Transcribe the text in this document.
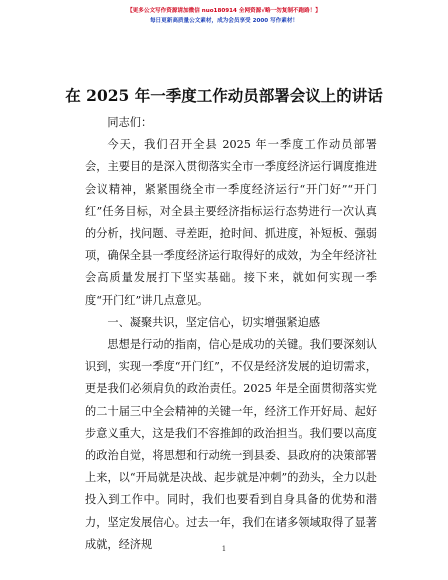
【更多公文写作资源请加微信 nuo180914 全网资源√略一勿复制不跑路！】
每日更新高质量公文素材，成为会员享受 2000 写作素材！
在 2025 年一季度工作动员部署会议上的讲话

同志们：

今天，我们召开全县 2025 年一季度工作动员部署会，主要目的是深入贯彻落实全市一季度经济运行调度推进会议精神，紧紧围绕全市一季度经济运行“开门好”“开门红”任务目标，对全县主要经济指标运行态势进行一次认真的分析，找问题、寻差距，抢时间、抓进度，补短板、强弱项，确保全县一季度经济运行取得好的成效，为全年经济社会高质量发展打下坚实基础。接下来，就如何实现一季度“开门红”讲几点意见。

一、凝聚共识，坚定信心，切实增强紧迫感

思想是行动的指南，信心是成功的关键。我们要深刻认识到，实现一季度“开门红”，不仅是经济发展的迫切需求，更是我们必须肩负的政治责任。2025 年是全面贯彻落实党的二十届三中全会精神的关键一年，经济工作开好局、起好步意义重大，这是我们不容推卸的政治担当。我们要以高度的政治自觉，将思想和行动统一到县委、县政府的决策部署上来，以“开局就是决战、起步就是冲刺”的劲头，全力以赴投入到工作中。同时，我们也要看到自身具备的优势和潜力，坚定发展信心。过去一年，我们在诸多领域取得了显著成就，经济规	1
